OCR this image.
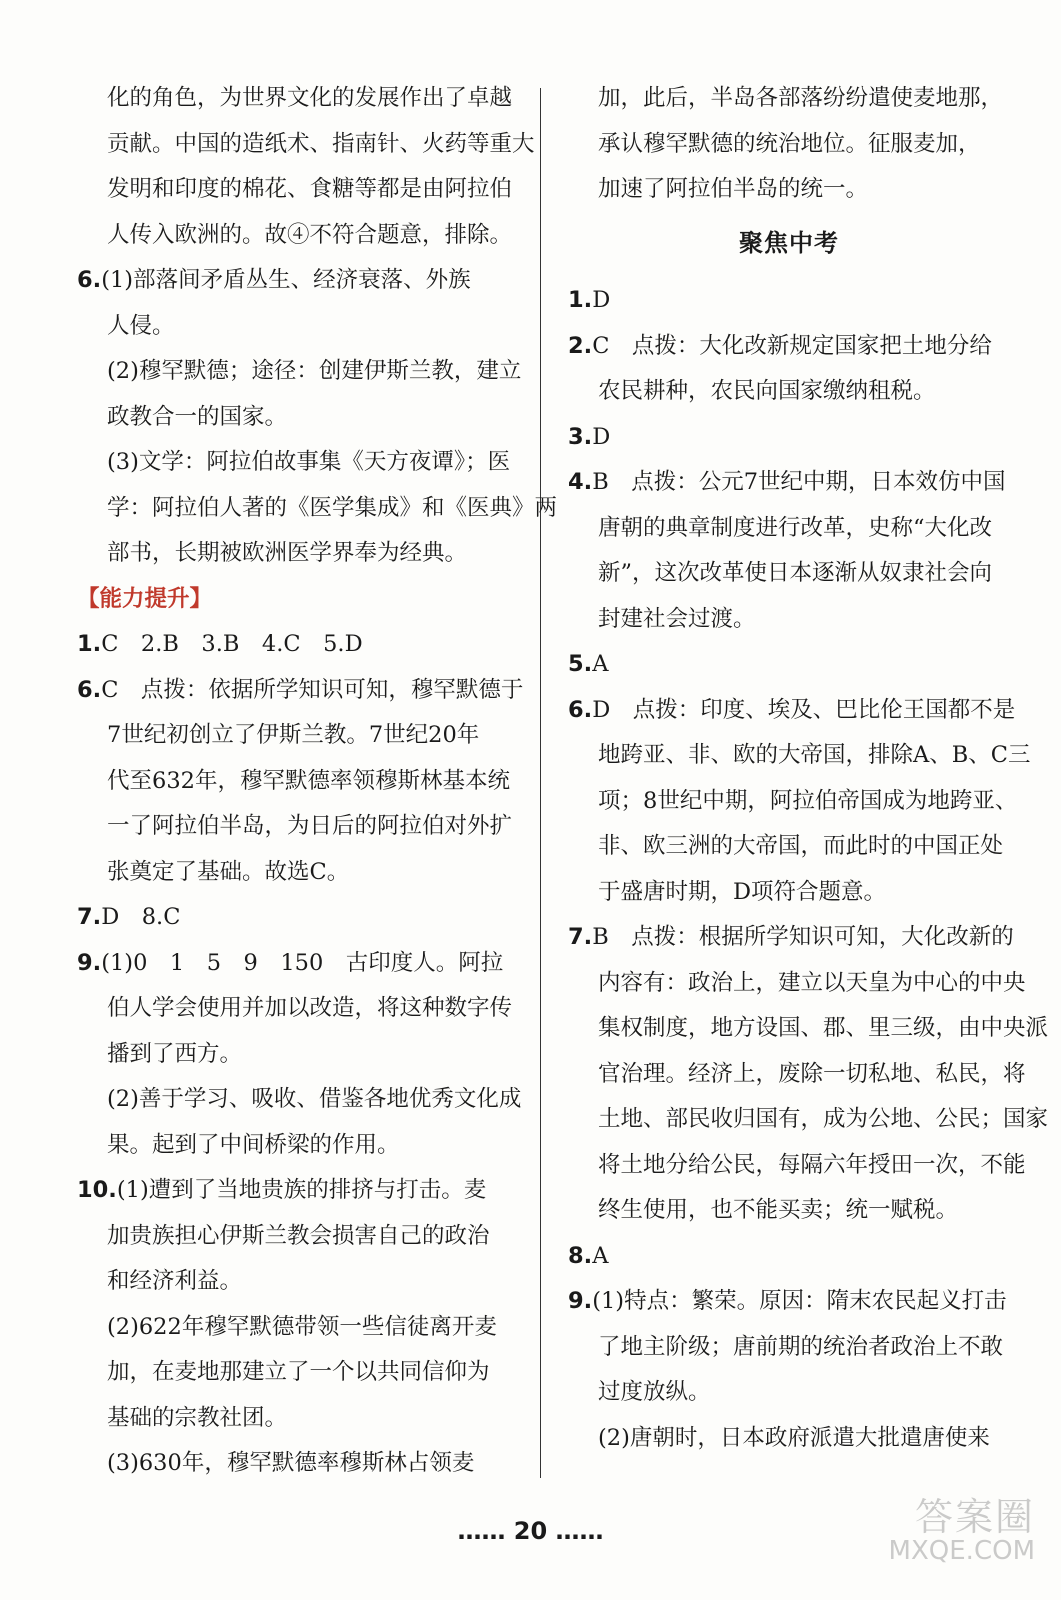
化的角色，为世界文化的发展作出了卓越
贡献。中国的造纸术、指南针、火药等重大
发明和印度的棉花、食糖等都是由阿拉伯
人传入欧洲的。故④不符合题意，排除。
6.(1)部落间矛盾丛生、经济衰落、外族
人侵。
(2)穆罕默德；途径：创建伊斯兰教，建立
政教合一的国家。
(3)文学：阿拉伯故事集《天方夜谭》；医
学：阿拉伯人著的《医学集成》和《医典》两
部书，长期被欧洲医学界奉为经典。
【能力提升】
1.C　2.B　3.B　4.C　5.D
6.C　点拨：依据所学知识可知，穆罕默德于
7世纪初创立了伊斯兰教。7世纪20年
代至632年，穆罕默德率领穆斯林基本统
一了阿拉伯半岛，为日后的阿拉伯对外扩
张奠定了基础。故选C。
7.D　8.C
9.(1)0　1　5　9　150　古印度人。阿拉
伯人学会使用并加以改造，将这种数字传
播到了西方。
(2)善于学习、吸收、借鉴各地优秀文化成
果。起到了中间桥梁的作用。
10.(1)遭到了当地贵族的排挤与打击。麦
加贵族担心伊斯兰教会损害自己的政治
和经济利益。
(2)622年穆罕默德带领一些信徒离开麦
加，在麦地那建立了一个以共同信仰为
基础的宗教社团。
(3)630年，穆罕默德率穆斯林占领麦
加，此后，半岛各部落纷纷遣使麦地那，
承认穆罕默德的统治地位。征服麦加，
加速了阿拉伯半岛的统一。
聚焦中考
1.D
2.C　点拨：大化改新规定国家把土地分给
农民耕种，农民向国家缴纳租税。
3.D
4.B　点拨：公元7世纪中期，日本效仿中国
唐朝的典章制度进行改革，史称“大化改
新”，这次改革使日本逐渐从奴隶社会向
封建社会过渡。
5.A
6.D　点拨：印度、埃及、巴比伦王国都不是
地跨亚、非、欧的大帝国，排除A、B、C三
项；8世纪中期，阿拉伯帝国成为地跨亚、
非、欧三洲的大帝国，而此时的中国正处
于盛唐时期，D项符合题意。
7.B　点拨：根据所学知识可知，大化改新的
内容有：政治上，建立以天皇为中心的中央
集权制度，地方设国、郡、里三级，由中央派
官治理。经济上，废除一切私地、私民，将
土地、部民收归国有，成为公地、公民；国家
将土地分给公民，每隔六年授田一次，不能
终生使用，也不能买卖；统一赋税。
8.A
9.(1)特点：繁荣。原因：隋末农民起义打击
了地主阶级；唐前期的统治者政治上不敢
过度放纵。
(2)唐朝时，日本政府派遣大批遣唐使来
…… 20 ……	答案圈
MXQE.COM
